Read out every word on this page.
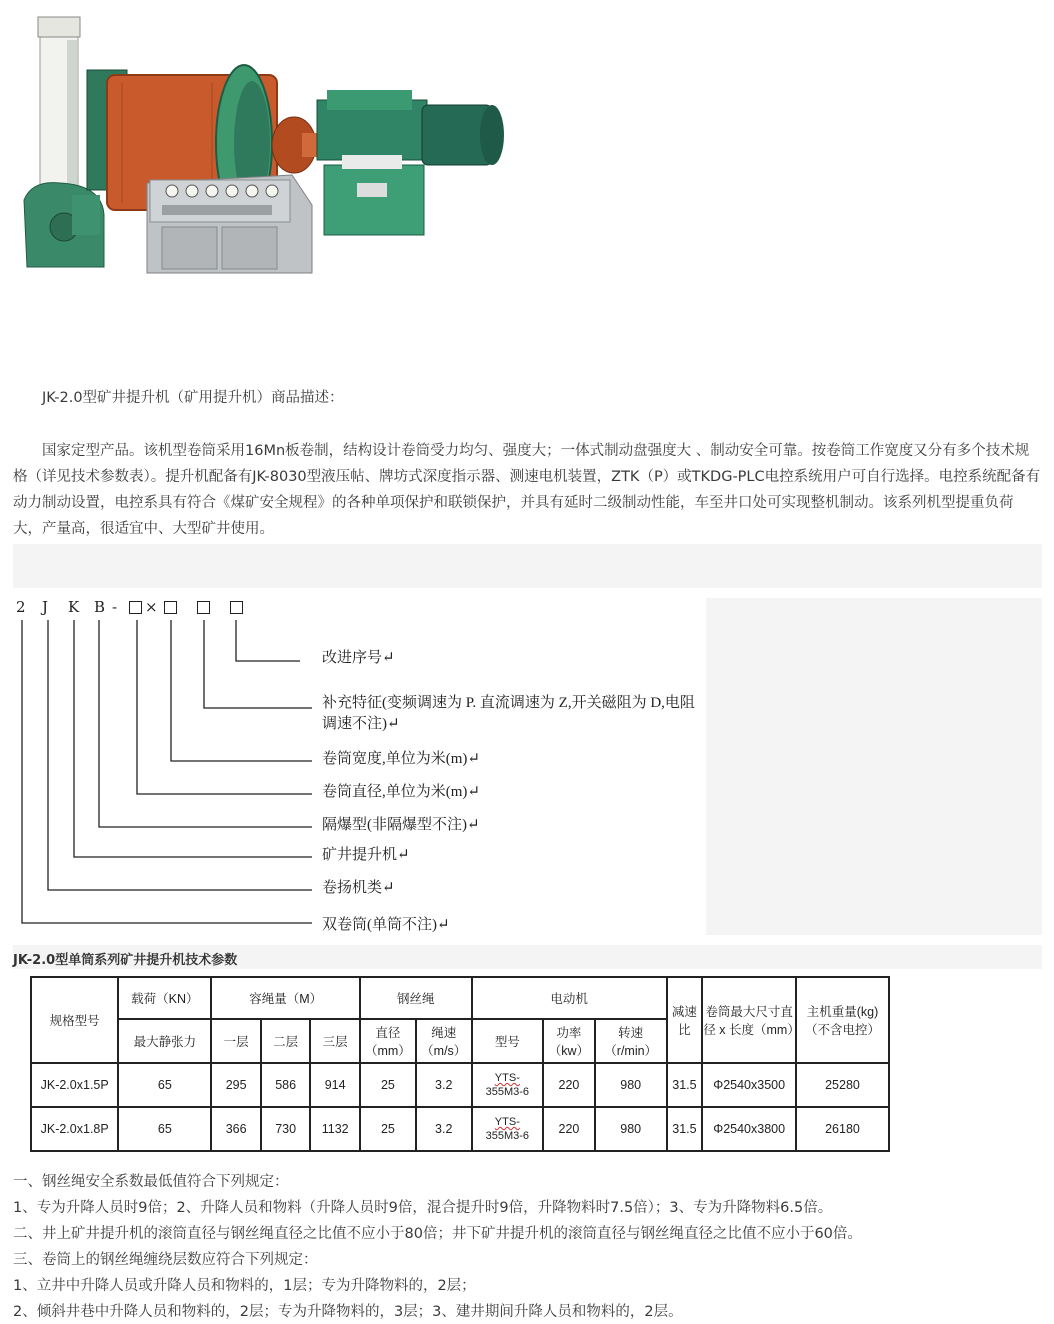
JK-2.0型矿井提升机（矿用提升机）商品描述：
国家定型产品。该机型卷筒采用16Mn板卷制，结构设计卷筒受力均匀、强度大；一体式制动盘强度大 、制动安全可靠。按卷筒工作宽度又分有多个技术规格（详见技术参数表）。提升机配备有JK-8030型液压帖、牌坊式深度指示器、测速电机装置，ZTK（P）或TKDG-PLC电控系统用户可自行选择。电控系统配备有动力制动设置，电控系具有符合《煤矿安全规程》的各种单项保护和联锁保护，并具有延时二级制动性能，车至井口处可实现整机制动。该系列机型提重负荷大，产量高，很适宜中、大型矿井使用。
2 J K B - ×
改进序号↵
补充特征(变频调速为 P. 直流调速为 Z,开关磁阻为 D,电阻
调速不注)↵
卷筒宽度,单位为米(m)↵
卷筒直径,单位为米(m)↵
隔爆型(非隔爆型不注)↵
矿井提升机↵
卷扬机类↵
双卷筒(单筒不注)↵
JK-2.0型单筒系列矿井提升机技术参数
规格型号	载荷（KN）	容绳量（M）			钢丝绳		电动机			减速比	卷筒最大尺寸直径 x 长度（mm）	主机重量(kg)（不含电控）
	最大静张力	一层	二层	三层	直径（mm）	绳速（m/s）	型号	功率（kw）	转速（r/min）			
JK-2.0x1.5P	65	295	586	914	25	3.2	YTS-
355M3-6	220	980	31.5	Φ2540x3500	25280
JK-2.0x1.8P	65	366	730	1132	25	3.2	YTS-
355M3-6	220	980	31.5	Φ2540x3800	26180
一、钢丝绳安全系数最低值符合下列规定：
1、专为升降人员时9倍；2、升降人员和物料（升降人员时9倍，混合提升时9倍，升降物料时7.5倍）；3、专为升降物料6.5倍。
二、井上矿井提升机的滚筒直径与钢丝绳直径之比值不应小于80倍；井下矿井提升机的滚筒直径与钢丝绳直径之比值不应小于60倍。
三、卷筒上的钢丝绳缠绕层数应符合下列规定：
1、立井中升降人员或升降人员和物料的，1层；专为升降物料的，2层；
2、倾斜井巷中升降人员和物料的，2层；专为升降物料的，3层；3、建井期间升降人员和物料的，2层。
